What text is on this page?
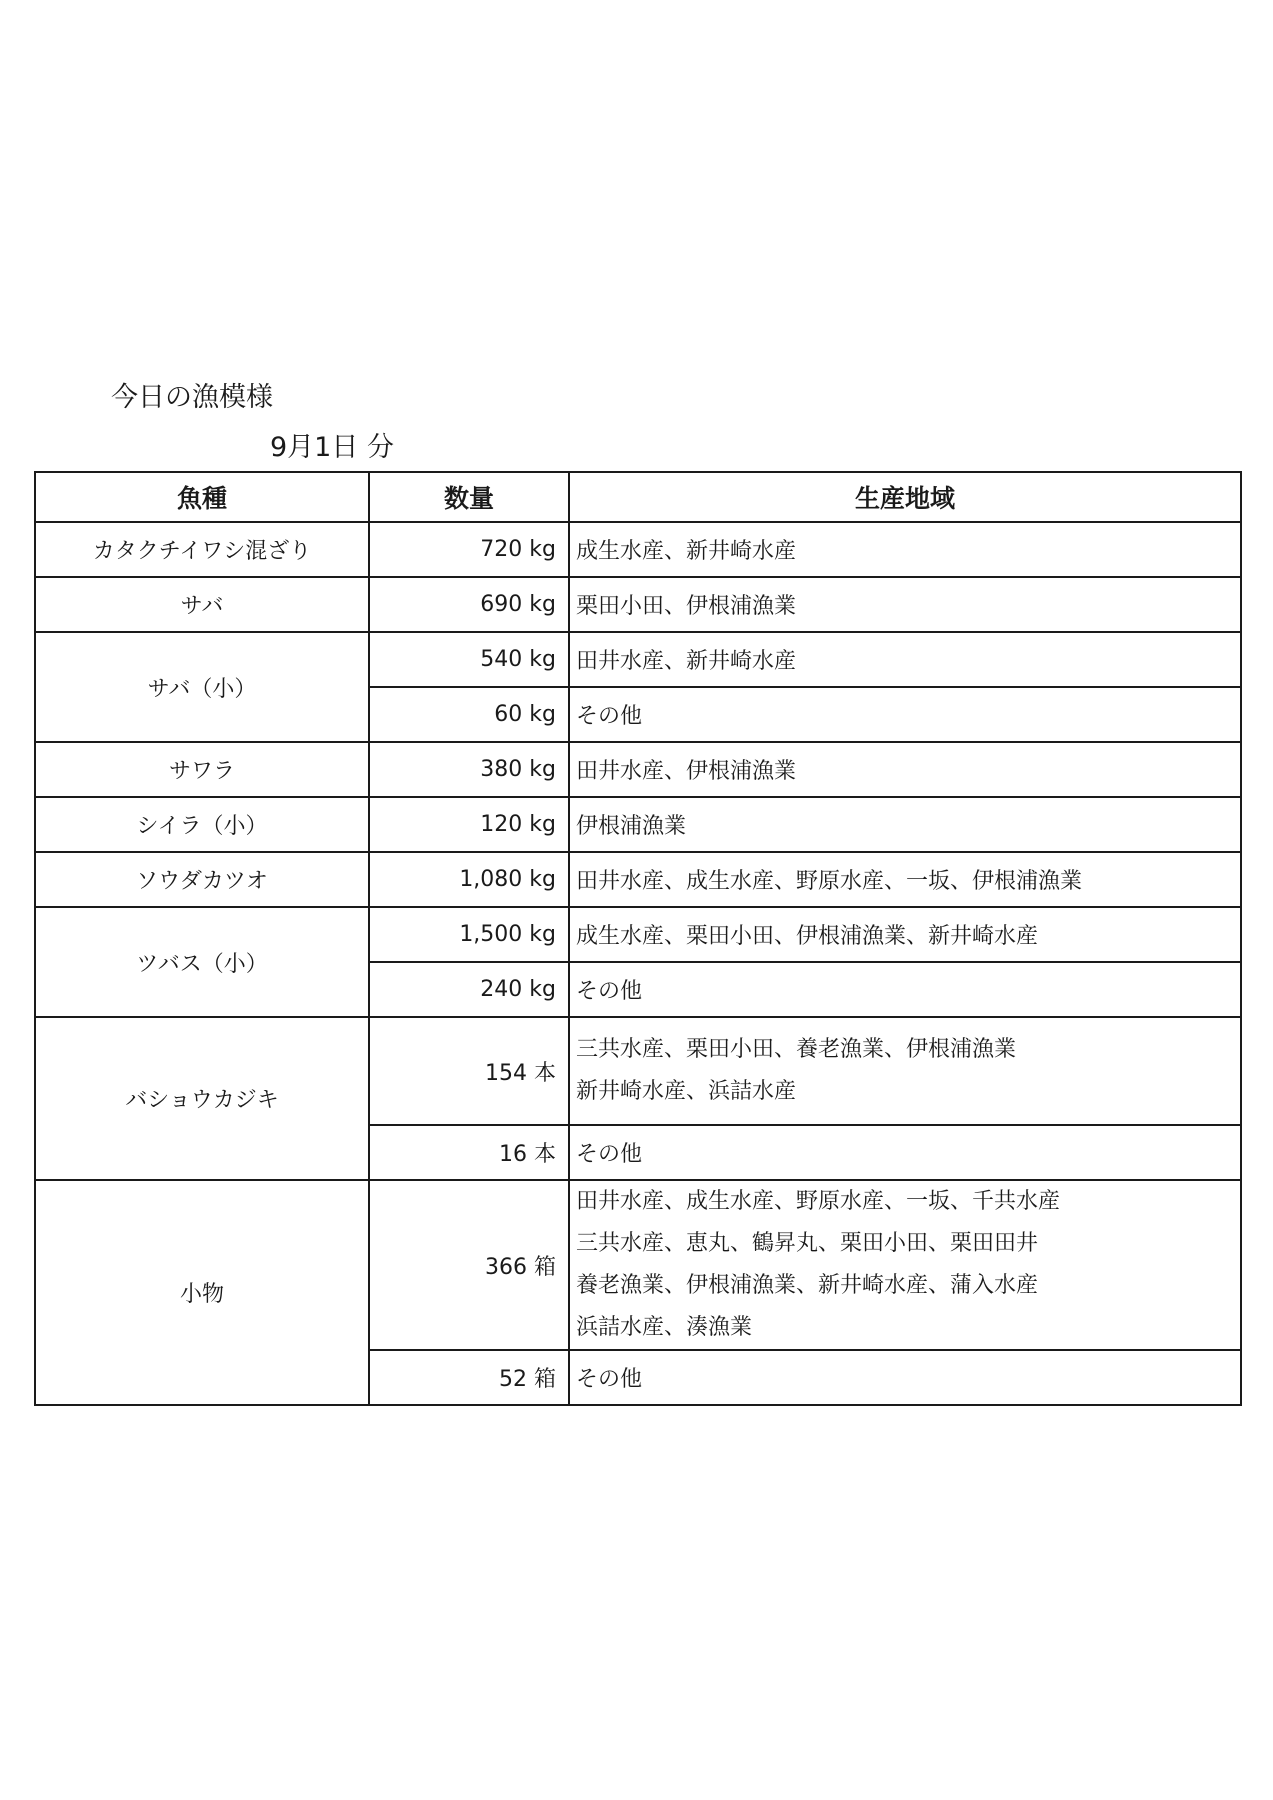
今日の漁模様
9月1日 分
魚種	数量	生産地域
カタクチイワシ混ざり	720 kg	成生水産、新井崎水産
サバ	690 kg	栗田小田、伊根浦漁業
サバ（小）	540 kg	田井水産、新井崎水産
	60 kg	その他
サワラ	380 kg	田井水産、伊根浦漁業
シイラ（小）	120 kg	伊根浦漁業
ソウダカツオ	1,080 kg	田井水産、成生水産、野原水産、一坂、伊根浦漁業
ツバス（小）	1,500 kg	成生水産、栗田小田、伊根浦漁業、新井崎水産
	240 kg	その他
バショウカジキ	154 本	三共水産、栗田小田、養老漁業、伊根浦漁業
新井崎水産、浜詰水産

	16 本	その他
小物	366 箱	田井水産、成生水産、野原水産、一坂、千共水産
三共水産、恵丸、鶴昇丸、栗田小田、栗田田井
養老漁業、伊根浦漁業、新井崎水産、蒲入水産
浜詰水産、湊漁業

	52 箱	その他
